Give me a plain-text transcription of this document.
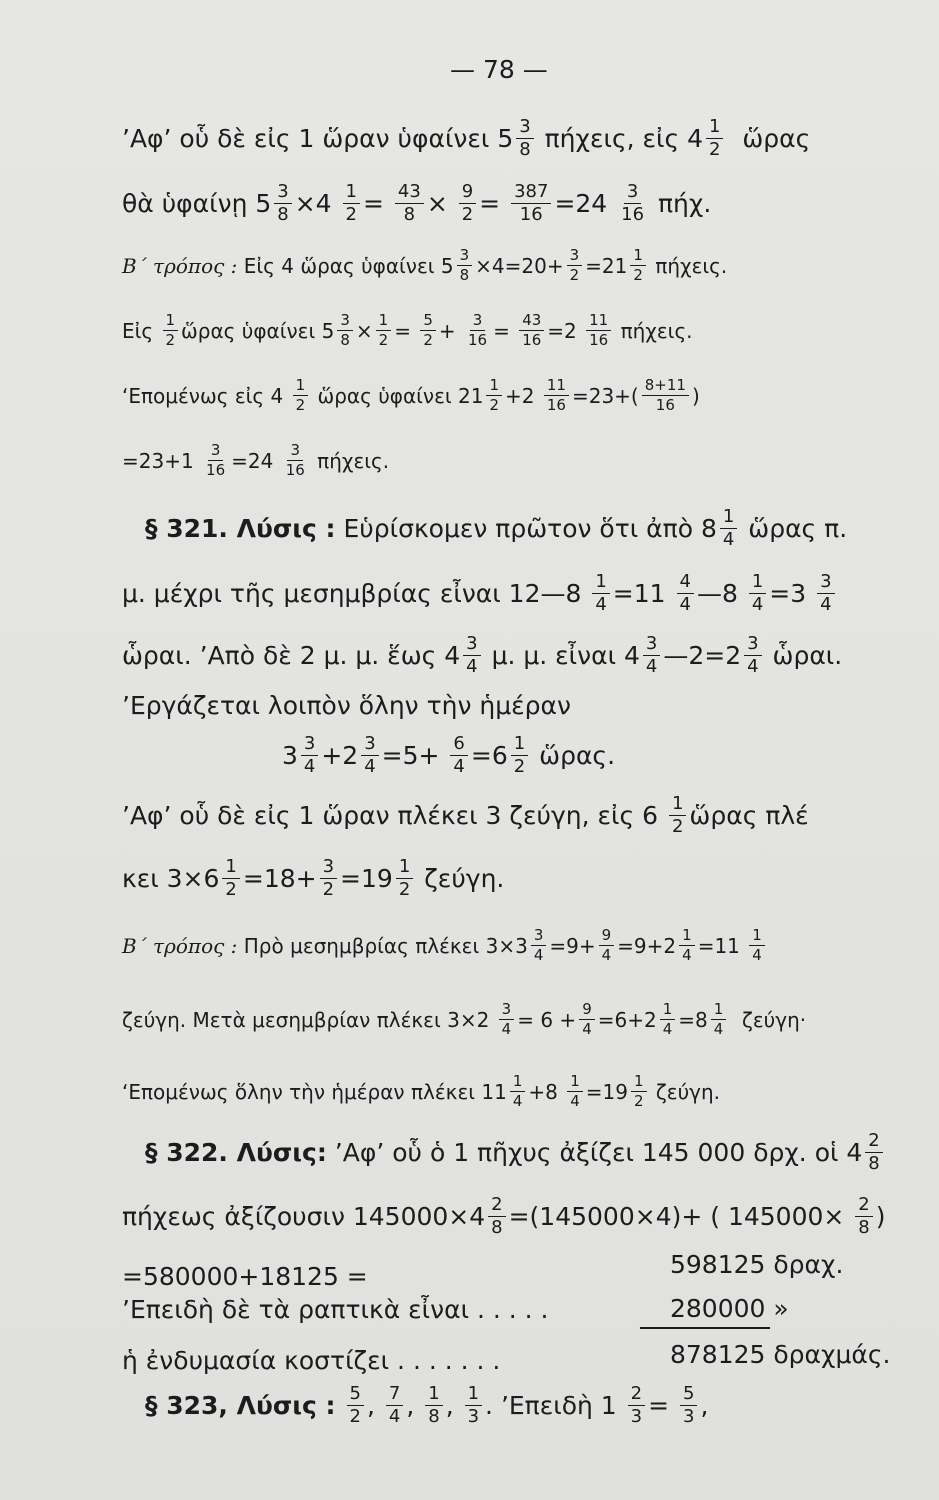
— 78 —
’Αφ’ οὗ δὲ εἰς 1 ὥραν ὑφαίνει $5 \frac{3}{8} \pi ή\chi\varepsilon\iota\varsigma$, εἰς $4 \frac{1}{2}$ ὥρας
θὰ ὑφαίνῃ $5 \frac{3}{8} \times 4 \frac{1}{2} = \frac{43}{8} \times \frac{9}{2} = \frac{387}{16} =24 \frac{3}{16} \pi ή\chi$.
Β΄ τρόπος : Εἰς 4 ὥρας ὑφαίνει $5 \frac{3}{8} \times 4=20+ \frac{3}{2} =21 \frac{1}{2} \pi ή\chi\varepsilon\iota\varsigma$.
Εἰς $\frac{1}{2}$ ὥρας ὑφαίνει $5 \frac{3}{8} \times \frac{1}{2} = \frac{5}{2} + \frac{3}{16} = \frac{43}{16} =2 \frac{11}{16} \pi ή\chi\varepsilon\iota\varsigma$.
‘Επομένως εἰς $4 \frac{1}{2}$ ὥρας ὑφαίνει $21 \frac{1}{2} +2 \frac{11}{16} =23+( \frac{8+11}{16}$ )
$=23+1 \frac{3}{16} =24 \frac{3}{16} \pi ή\chi\varepsilon\iota\varsigma$.
§ 321. Λύσις : Εὑρίσκομεν πρῶτον ὅτι ἀπὸ $8 \frac{1}{4}$ ὥρας π.
μ. μέχρι τῆς μεσημβρίας εἶναι 12—8 $\frac{1}{4} =11 \frac{4}{4}$ —8 $\frac{1}{4} =3 \frac{3}{4}$
ὧραι. ’Απὸ δὲ 2 μ. μ. ἕως $4 \frac{3}{4} \mu$. μ. εἶναι $4 \frac{3}{4}$ —2=2 $\frac{3}{4}$ ὧραι.
’Εργάζεται λοιπὸν ὅλην τὴν ἡμέραν
$3 \frac{3}{4} +2 \frac{3}{4} =5+ \frac{6}{4} =6 \frac{1}{2}$ ὥρας.
’Αφ’ οὗ δὲ εἰς 1 ὥραν πλέκει 3 ζεύγη, εἰς $6 \frac{1}{2}$ ὥρας πλέ
κει $3\times 6 \frac{1}{2} =18+ \frac{3}{2} =19 \frac{1}{2} \zeta\varepsilon ύ\gamma\eta$.
Β΄ τρόπος : Πρὸ μεσημβρίας πλέκει $3\times 3 \frac{3}{4} =9+ \frac{9}{4} =9+2 \frac{1}{4} =11 \frac{1}{4}$
ζεύγη. Μετὰ μεσημβρίαν πλέκει $3\times 2 \frac{3}{4} = 6 + \frac{9}{4} =6+2 \frac{1}{4} =8 \frac{1}{4} \zeta\varepsilon ύ\gamma\eta\cdot$
‘Επομένως ὅλην τὴν ἡμέραν πλέκει $11 \frac{1}{4} +8 \frac{1}{4} =19 \frac{1}{2} \zeta\varepsilon ύ\gamma\eta$.
§ 322. Λύσις: ’Αφ’ οὗ ὁ 1 πῆχυς ἀξίζει 145 000 δρχ. οἱ $4 \frac{2}{8}$
πήχεως ἀξίζουσιν $145000\times 4 \frac{2}{8} =(145000\times 4)+$ ( $145000\times \frac{2}{8}$ )
=580000+18125 =
’Επειδὴ δὲ τὰ ραπτικὰ εἶναι . . . . .
ἡ ἐνδυμασία κοστίζει . . . . . . .
§ 323, Λύσις :
$\frac{5}{2}$ , $\frac{7}{4}$ , $\frac{1}{8}$ , $\frac{1}{3}$ . ’Επειδὴ $1 \frac{2}{3} = \frac{5}{3}$ ,
598125 δραχ.
280000 »
878125 δραχμάς.
